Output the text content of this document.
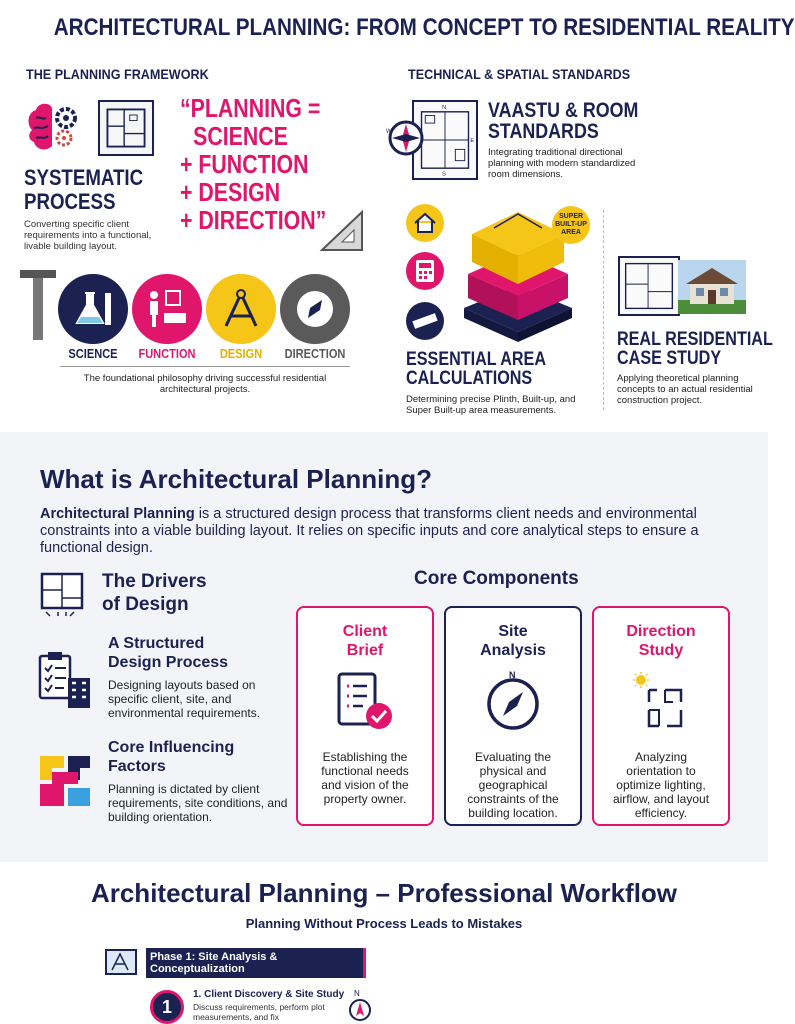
ARCHITECTURAL PLANNING: FROM CONCEPT TO RESIDENTIAL REALITY
THE PLANNING FRAMEWORK	TECHNICAL & SPATIAL STANDARDS
SYSTEMATIC
PROCESS
Converting specific client requirements into a functional, livable building layout.
“PLANNING =
SCIENCE
+ FUNCTION
+ DESIGN
+ DIRECTION”
SCIENCE	FUNCTION	DESIGN	DIRECTION
The foundational philosophy driving successful residential architectural projects.
N
S
E
W
VAASTU & ROOM
STANDARDS
Integrating traditional directional planning with modern standardized room dimensions.
SUPER BUILT-UP AREA
ESSENTIAL AREA
CALCULATIONS
Determining precise Plinth, Built-up, and Super Built-up area measurements.
REAL RESIDENTIAL
CASE STUDY
Applying theoretical planning concepts to an actual residential construction project.
What is Architectural Planning?
Architectural Planning is a structured design process that transforms client needs and environmental constraints into a viable building layout. It relies on specific inputs and core analytical steps to ensure a functional design.
The Drivers
of Design
A Structured
Design Process
Designing layouts based on specific client, site, and environmental requirements.
Core Influencing
Factors
Planning is dictated by client requirements, site conditions, and building orientation.
Core Components
Client
Brief
Establishing the functional needs and vision of the property owner.
Site
Analysis
N
Evaluating the physical and geographical constraints of the building location.
Direction
Study
Analyzing orientation to optimize lighting, airflow, and layout efficiency.
Architectural Planning – Professional Workflow
Planning Without Process Leads to Mistakes
Phase 1: Site Analysis &
Conceptualization
1
1. Client Discovery & Site Study
Discuss requirements, perform plot measurements, and fix
N
